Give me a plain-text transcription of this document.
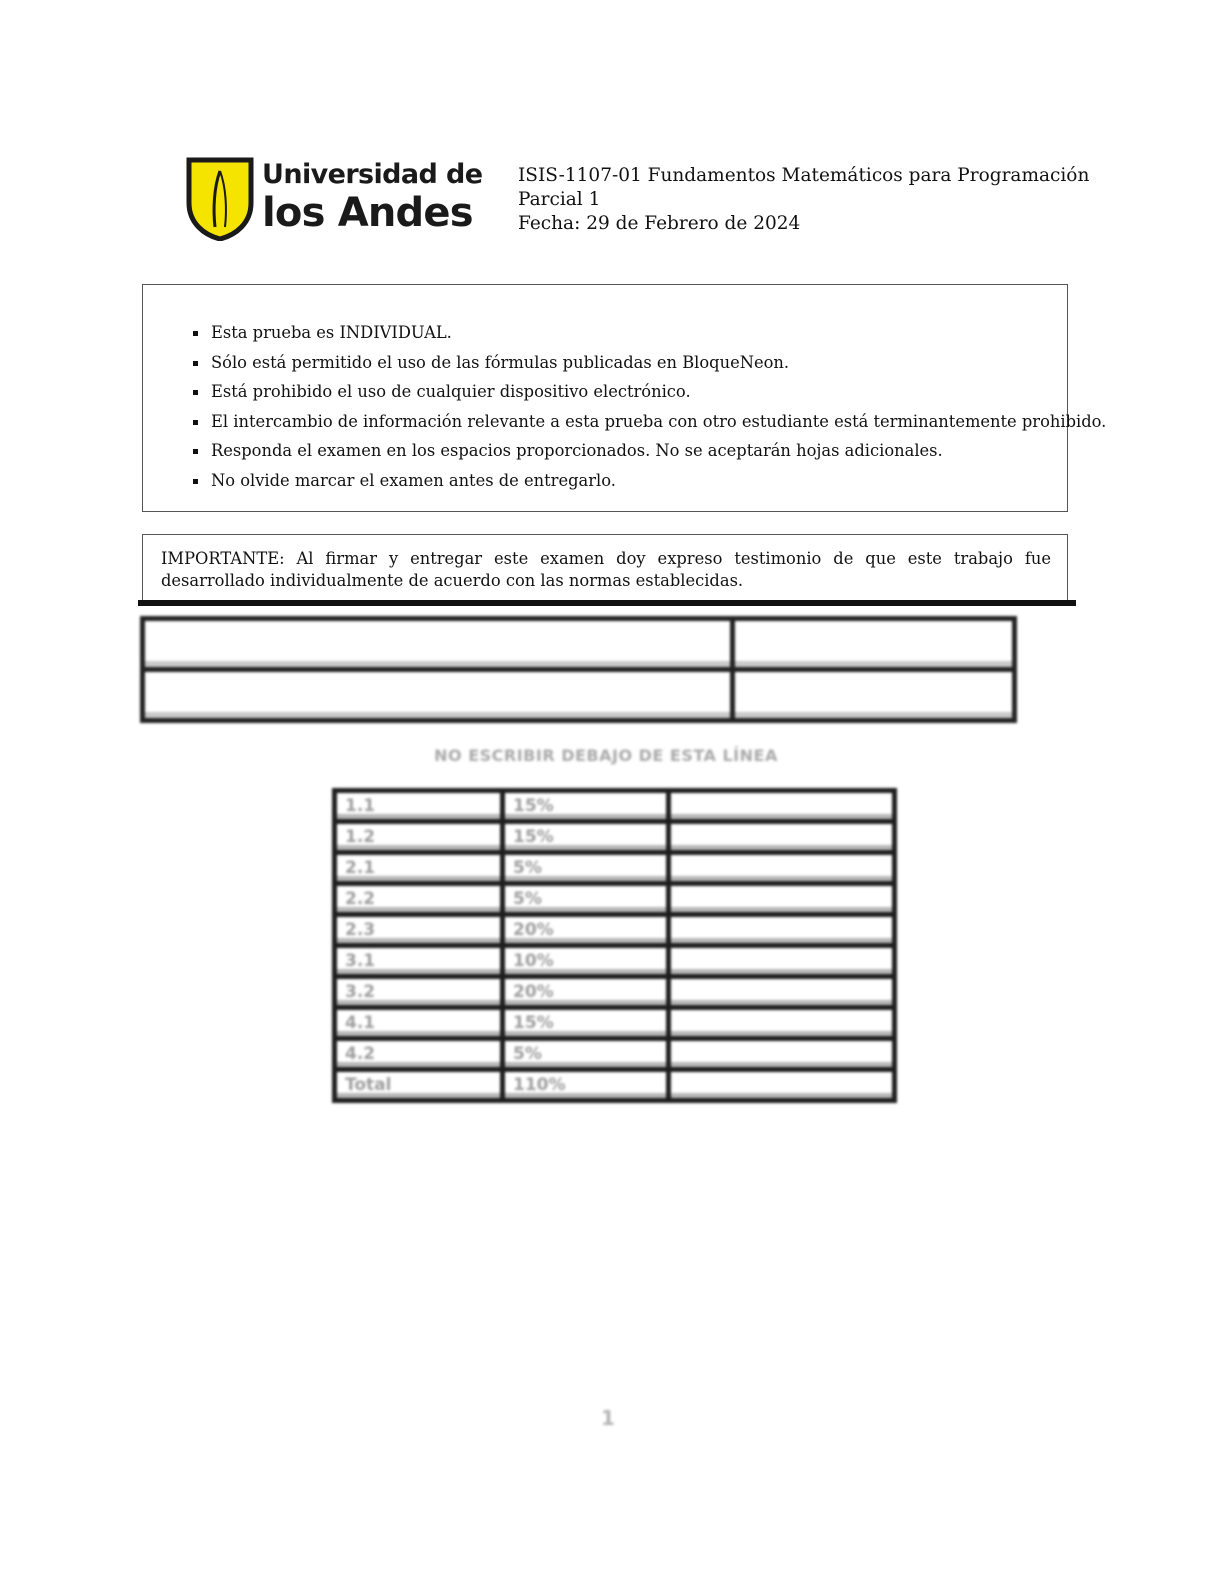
Universidad de
los Andes
ISIS-1107-01 Fundamentos Matemáticos para Programación
Parcial 1
Fecha: 29 de Febrero de 2024
Esta prueba es INDIVIDUAL.
Sólo está permitido el uso de las fórmulas publicadas en BloqueNeon.
Está prohibido el uso de cualquier dispositivo electrónico.
El intercambio de información relevante a esta prueba con otro estudiante está terminantemente prohibido.
Responda el examen en los espacios proporcionados. No se aceptarán hojas adicionales.
No olvide marcar el examen antes de entregarlo.
IMPORTANTE: Al firmar y entregar este examen doy expreso testimonio de que este trabajo fue desarrollado individualmente de acuerdo con las normas establecidas.

NO ESCRIBIR DEBAJO DE ESTA LÍNEA
1.1	15%	
1.2	15%	
2.1	5%	
2.2	5%	
2.3	20%	
3.1	10%	
3.2	20%	
4.1	15%	
4.2	5%	
Total	110%	
1
